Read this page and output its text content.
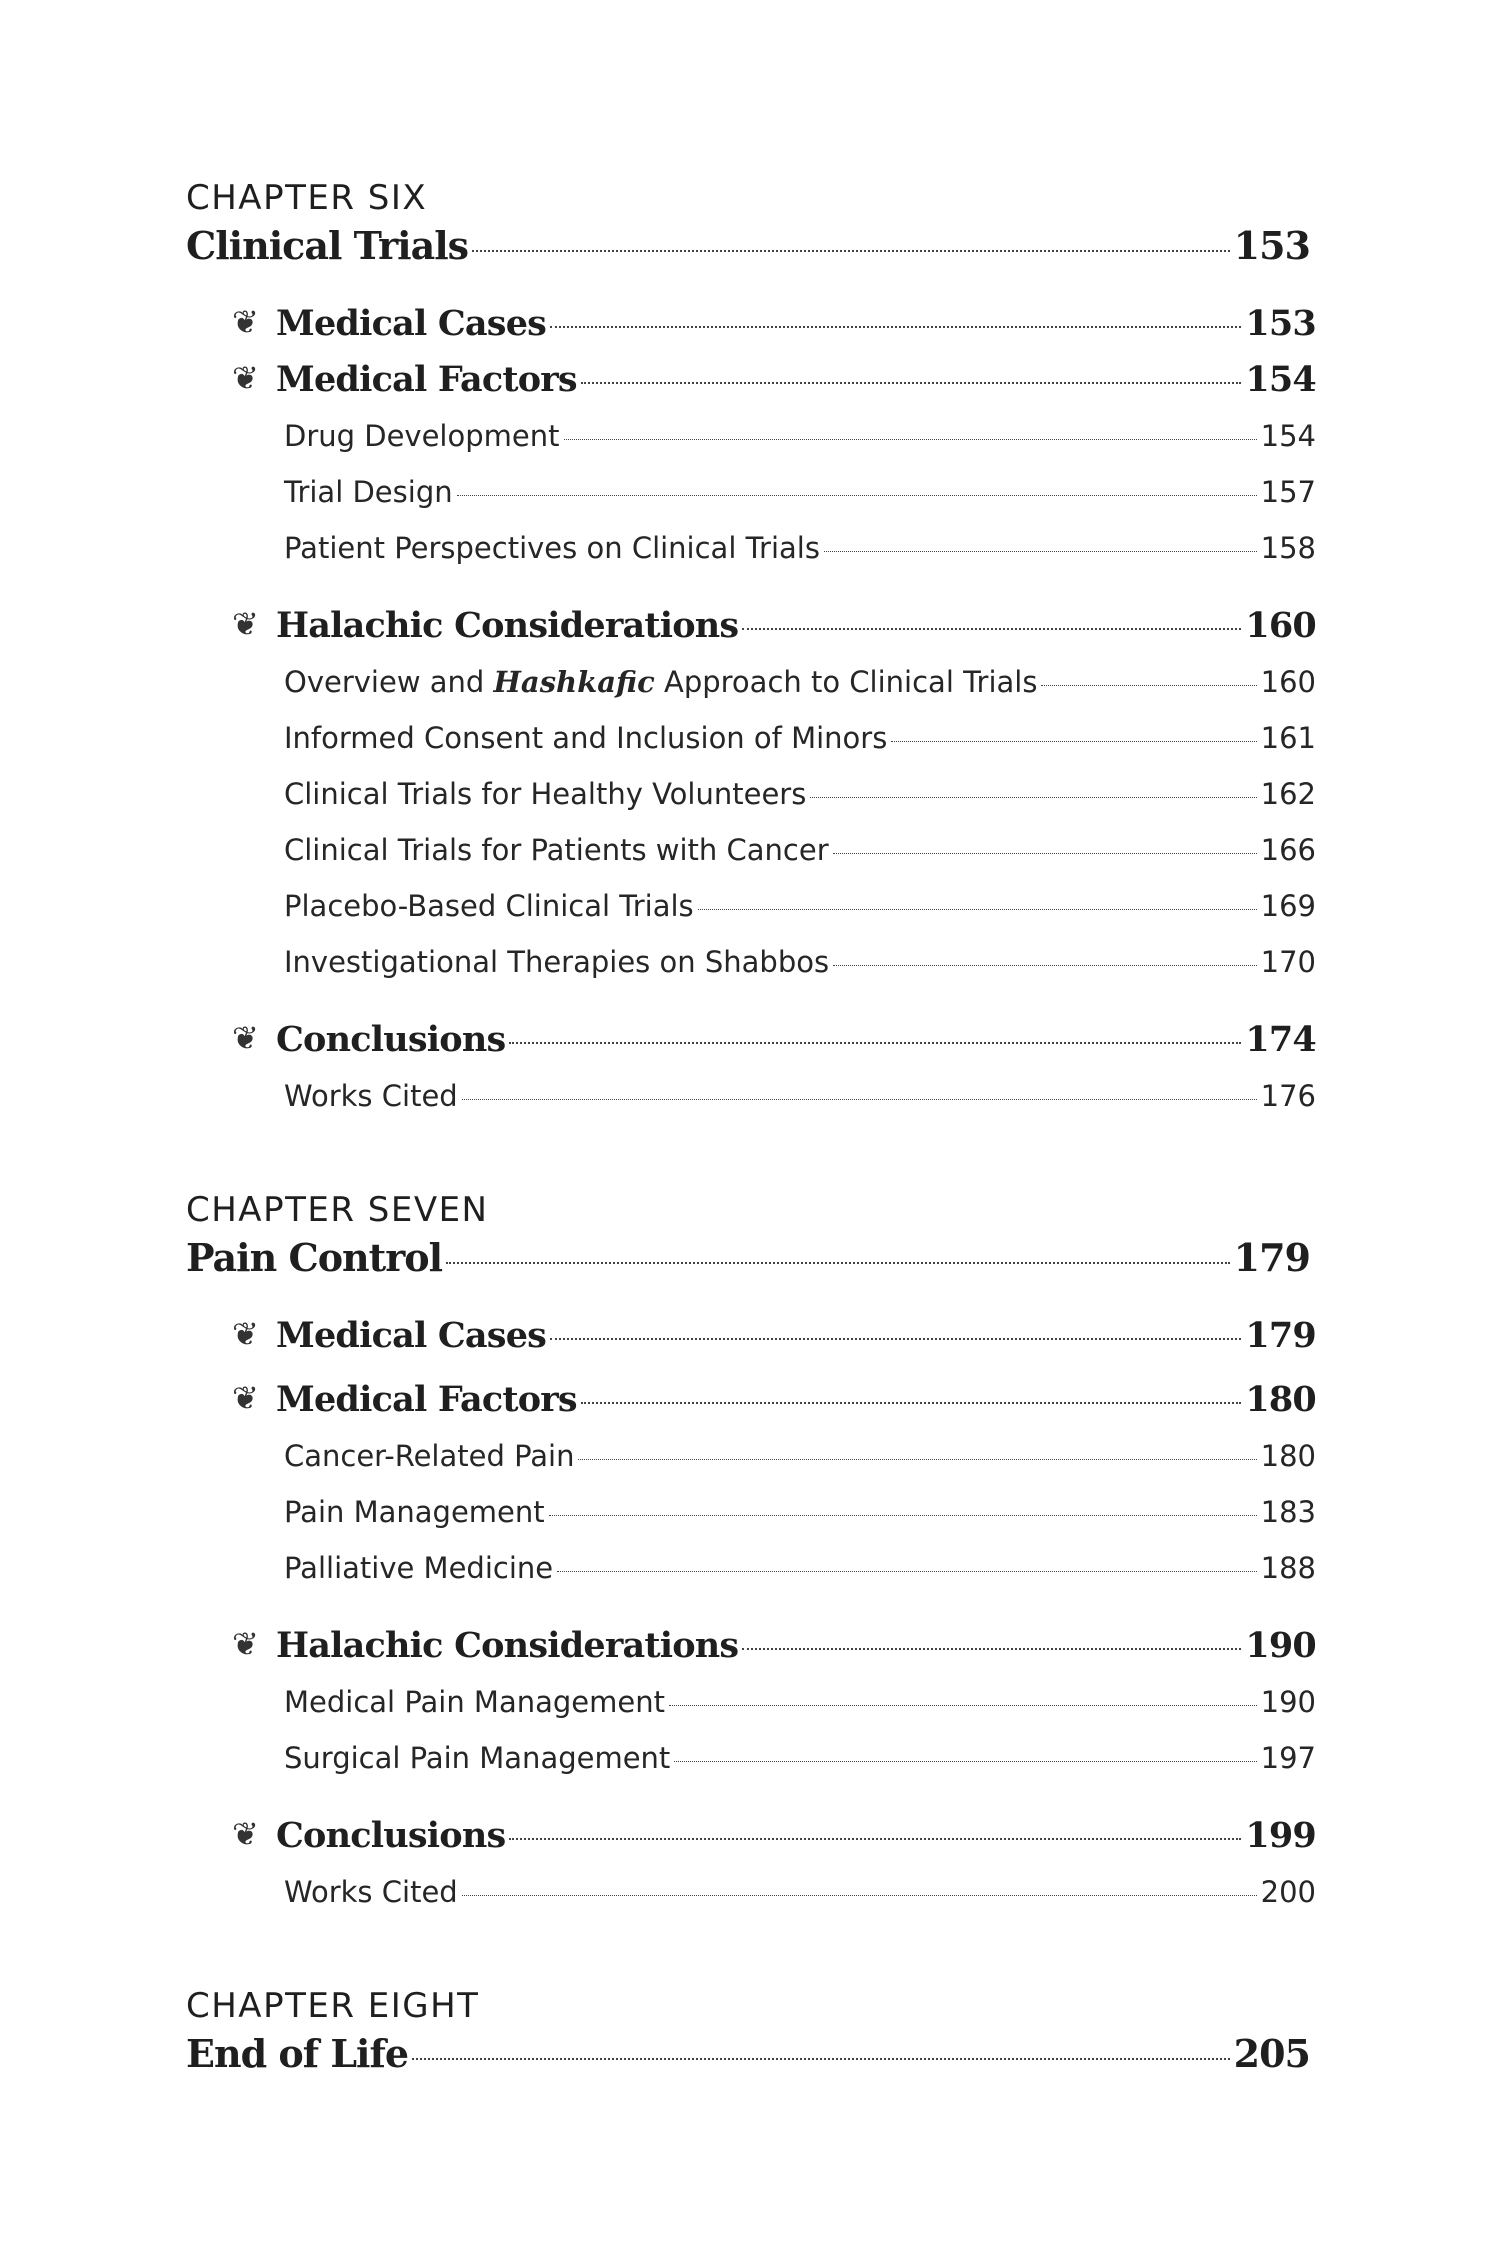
CHAPTER SIX
Clinical Trials	153
❦ Medical Cases	153
❦ Medical Factors	154
Drug Development	154
Trial Design	157
Patient Perspectives on Clinical Trials	158
❦ Halachic Considerations	160
Overview and Hashkafic Approach to Clinical Trials	160
Informed Consent and Inclusion of Minors	161
Clinical Trials for Healthy Volunteers	162
Clinical Trials for Patients with Cancer	166
Placebo-Based Clinical Trials	169
Investigational Therapies on Shabbos	170
❦ Conclusions	174
Works Cited	176
CHAPTER SEVEN
Pain Control	179
❦ Medical Cases	179
❦ Medical Factors	180
Cancer-Related Pain	180
Pain Management	183
Palliative Medicine	188
❦ Halachic Considerations	190
Medical Pain Management	190
Surgical Pain Management	197
❦ Conclusions	199
Works Cited	200
CHAPTER EIGHT
End of Life	205
